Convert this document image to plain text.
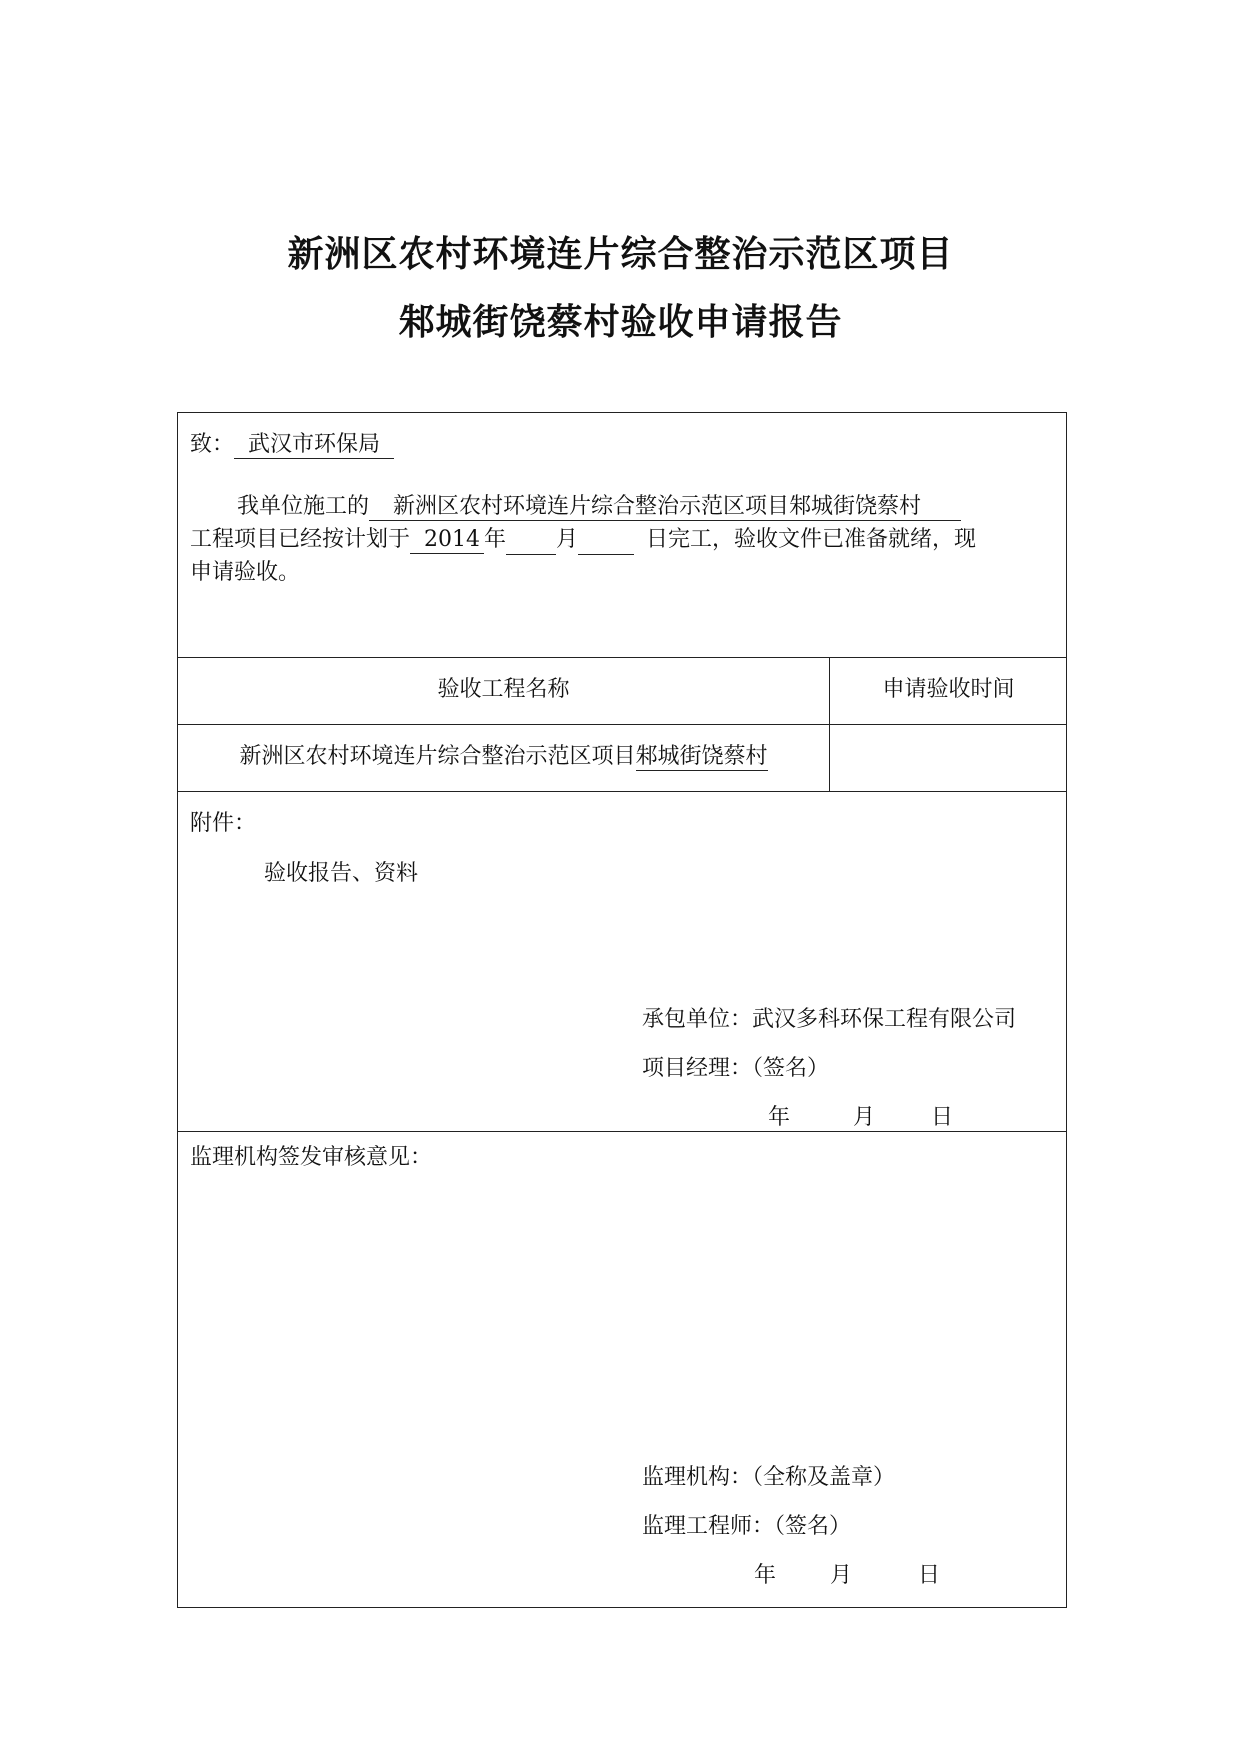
新洲区农村环境连片综合整治示范区项目
邾城街饶蔡村验收申请报告
致： 武汉市环保局
我单位施工的 新洲区农村环境连片综合整治示范区项目邾城街饶蔡村
工程项目已经按计划于 2014 年 月	日完工，验收文件已准备就绪，现
申请验收。
验收工程名称	申请验收时间
新洲区农村环境连片综合整治示范区项目邾城街饶蔡村
附件：
验收报告、资料
承包单位：武汉多科环保工程有限公司
项目经理：（签名）
年	月	日
监理机构签发审核意见：
监理机构：（全称及盖章）
监理工程师：（签名）
年 月	日
